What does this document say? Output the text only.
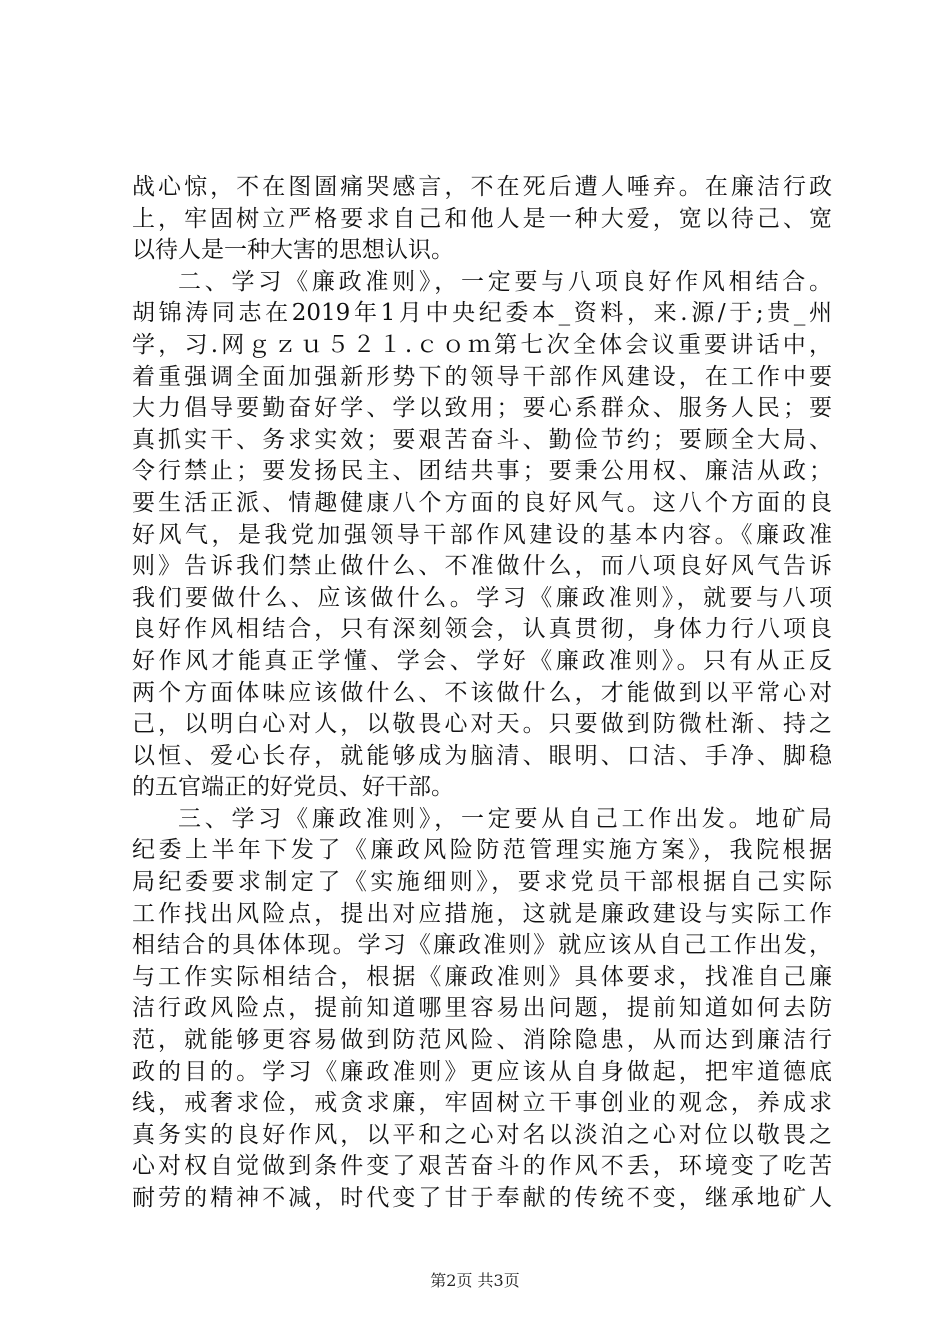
战心惊，不在图圄痛哭感言，不在死后遭人唾弃。在廉洁行政
上，牢固树立严格要求自己和他人是一种大爱，宽以待己、宽
以待人是一种大害的思想认识。
二、学习《廉政准则》，一定要与八项良好作风相结合。
胡锦涛同志在2019年1月中央纪委本_资料，来.源/于;贵_州
学，习.网ｇｚｕ５２１.ｃｏｍ第七次全体会议重要讲话中，
着重强调全面加强新形势下的领导干部作风建设，在工作中要
大力倡导要勤奋好学、学以致用；要心系群众、服务人民；要
真抓实干、务求实效；要艰苦奋斗、勤俭节约；要顾全大局、
令行禁止；要发扬民主、团结共事；要秉公用权、廉洁从政；
要生活正派、情趣健康八个方面的良好风气。这八个方面的良
好风气，是我党加强领导干部作风建设的基本内容。《廉政准
则》告诉我们禁止做什么、不准做什么，而八项良好风气告诉
我们要做什么、应该做什么。学习《廉政准则》，就要与八项
良好作风相结合，只有深刻领会，认真贯彻，身体力行八项良
好作风才能真正学懂、学会、学好《廉政准则》。只有从正反
两个方面体味应该做什么、不该做什么，才能做到以平常心对
己，以明白心对人，以敬畏心对天。只要做到防微杜渐、持之
以恒、爱心长存，就能够成为脑清、眼明、口洁、手净、脚稳
的五官端正的好党员、好干部。
三、学习《廉政准则》，一定要从自己工作出发。地矿局
纪委上半年下发了《廉政风险防范管理实施方案》，我院根据
局纪委要求制定了《实施细则》，要求党员干部根据自己实际
工作找出风险点，提出对应措施，这就是廉政建设与实际工作
相结合的具体体现。学习《廉政准则》就应该从自己工作出发，
与工作实际相结合，根据《廉政准则》具体要求，找准自己廉
洁行政风险点，提前知道哪里容易出问题，提前知道如何去防
范，就能够更容易做到防范风险、消除隐患，从而达到廉洁行
政的目的。学习《廉政准则》更应该从自身做起，把牢道德底
线，戒奢求俭，戒贪求廉，牢固树立干事创业的观念，养成求
真务实的良好作风，以平和之心对名以淡泊之心对位以敬畏之
心对权自觉做到条件变了艰苦奋斗的作风不丢，环境变了吃苦
耐劳的精神不减，时代变了甘于奉献的传统不变，继承地矿人
第2页 共3页
